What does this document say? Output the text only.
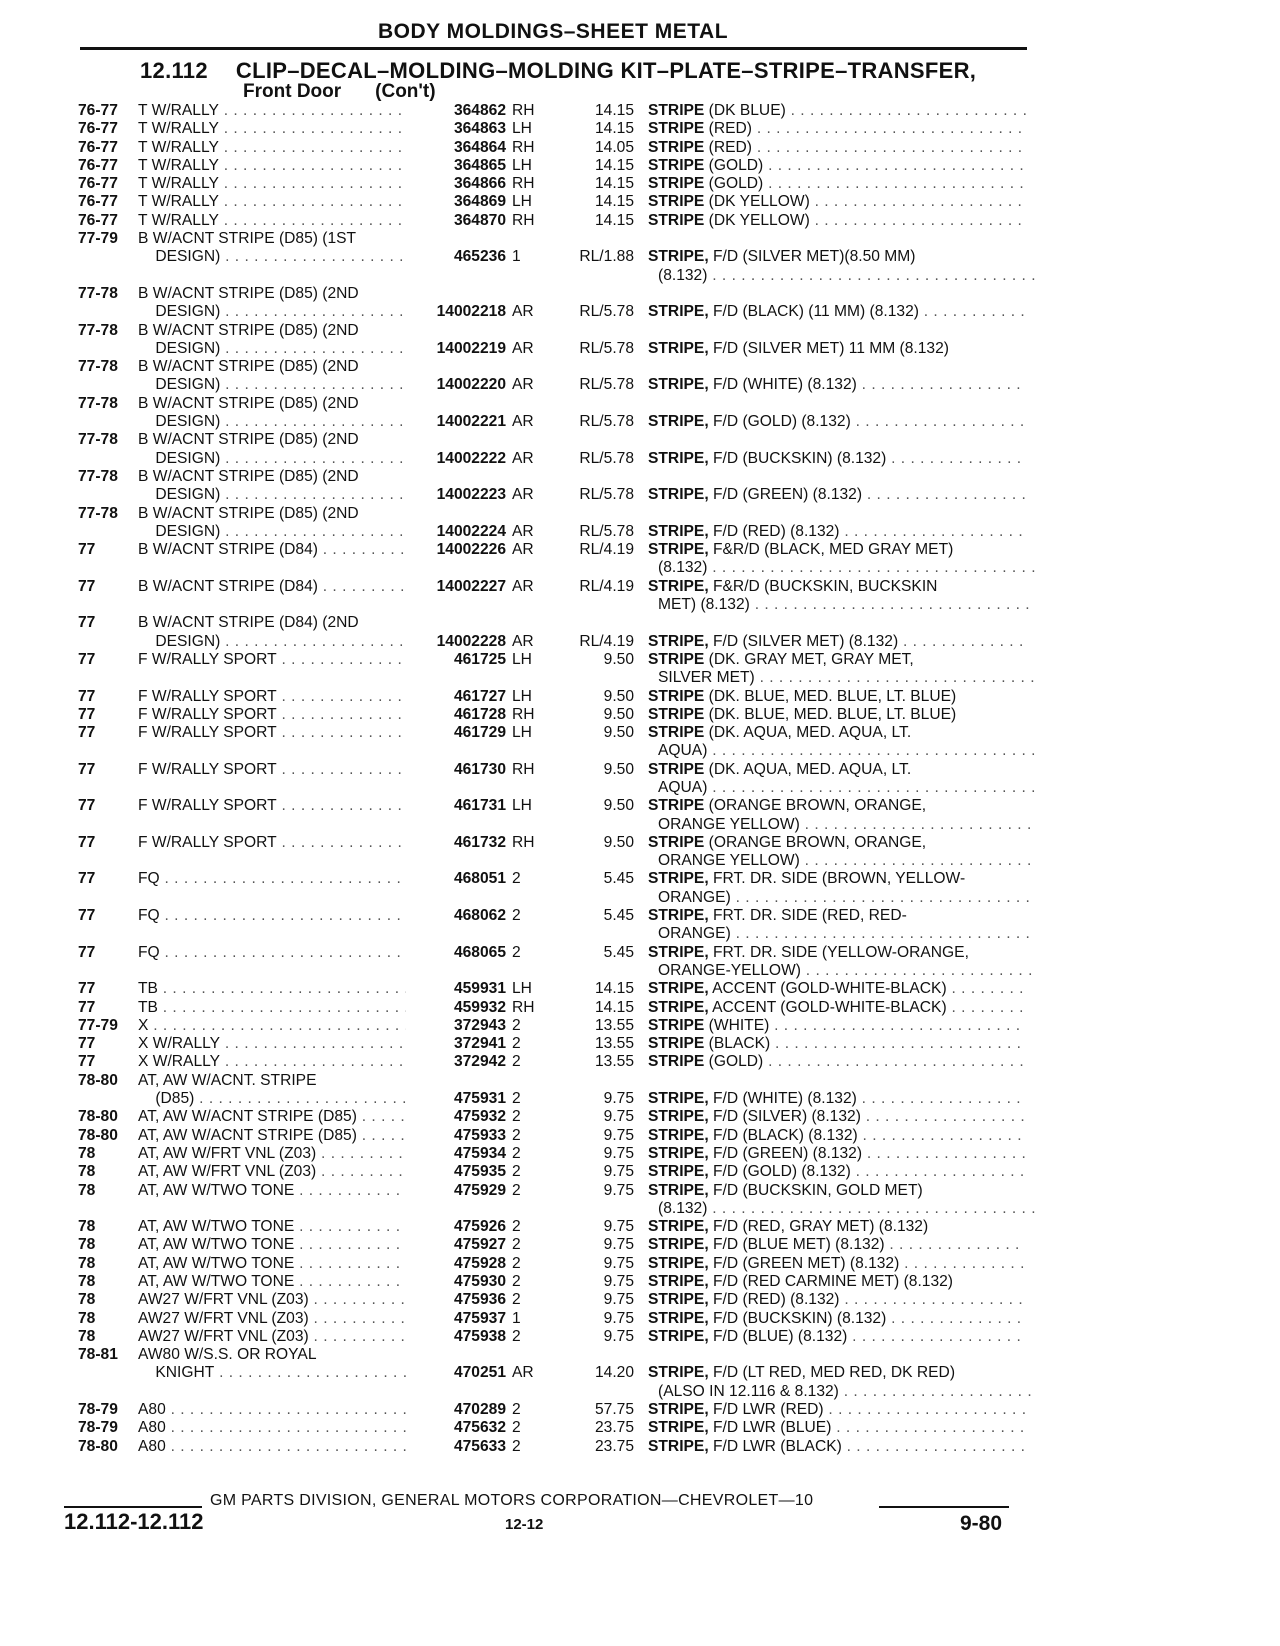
BODY MOLDINGS–SHEET METAL
12.112 CLIP–DECAL–MOLDING–MOLDING KIT–PLATE–STRIPE–TRANSFER,
Front Door (Con't)
76-77	T W/RALLY . . .	364862 RH	14.15 STRIPE (DK BLUE) . . .
76-77	T W/RALLY . . .	364863 LH	14.15 STRIPE (RED) . . .
76-77	T W/RALLY . . .	364864 RH	14.05 STRIPE (RED) . . .
76-77	T W/RALLY . . .	364865 LH	14.15 STRIPE (GOLD) . . .
76-77	T W/RALLY . . .	364866 RH	14.15 STRIPE (GOLD) . . .
76-77	T W/RALLY . . .	364869 LH	14.15 STRIPE (DK YELLOW) . . .
76-77	T W/RALLY . . .	364870 RH	14.15 STRIPE (DK YELLOW) . . .
77-79	B W/ACNT STRIPE (D85) (1ST
DESIGN) . . .	465236 1	RL/1.88 STRIPE, F/D (SILVER MET)(8.50 MM)
(8.132) . . .
77-78	B W/ACNT STRIPE (D85) (2ND
DESIGN) . . .	14002218 AR	RL/5.78 STRIPE, F/D (BLACK) (11 MM) (8.132) . . .
77-78	B W/ACNT STRIPE (D85) (2ND
DESIGN) . . .	14002219 AR	RL/5.78 STRIPE, F/D (SILVER MET) 11 MM (8.132)
77-78	B W/ACNT STRIPE (D85) (2ND
DESIGN) . . .	14002220 AR	RL/5.78 STRIPE, F/D (WHITE) (8.132) . . .
77-78	B W/ACNT STRIPE (D85) (2ND
DESIGN) . . .	14002221 AR	RL/5.78 STRIPE, F/D (GOLD) (8.132) . . .
77-78	B W/ACNT STRIPE (D85) (2ND
DESIGN) . . .	14002222 AR	RL/5.78 STRIPE, F/D (BUCKSKIN) (8.132) . . .
77-78	B W/ACNT STRIPE (D85) (2ND
DESIGN) . . .	14002223 AR	RL/5.78 STRIPE, F/D (GREEN) (8.132) . . .
77-78	B W/ACNT STRIPE (D85) (2ND
DESIGN) . . .	14002224 AR	RL/5.78 STRIPE, F/D (RED) (8.132) . . .
77	B W/ACNT STRIPE (D84) . . .	14002226 AR	RL/4.19 STRIPE, F&R/D (BLACK, MED GRAY MET)
(8.132) . . .
77	B W/ACNT STRIPE (D84) . . .	14002227 AR	RL/4.19 STRIPE, F&R/D (BUCKSKIN, BUCKSKIN
MET) (8.132) . . .
77	B W/ACNT STRIPE (D84) (2ND
DESIGN) . . .	14002228 AR	RL/4.19 STRIPE, F/D (SILVER MET) (8.132) . . .
77	F W/RALLY SPORT . . .	461725 LH	9.50 STRIPE (DK. GRAY MET, GRAY MET,
SILVER MET) . . .
77	F W/RALLY SPORT . . .	461727 LH	9.50 STRIPE (DK. BLUE, MED. BLUE, LT. BLUE)
77	F W/RALLY SPORT . . .	461728 RH	9.50 STRIPE (DK. BLUE, MED. BLUE, LT. BLUE)
77	F W/RALLY SPORT . . .	461729 LH	9.50 STRIPE (DK. AQUA, MED. AQUA, LT.
AQUA) . . .
77	F W/RALLY SPORT . . .	461730 RH	9.50 STRIPE (DK. AQUA, MED. AQUA, LT.
AQUA) . . .
77	F W/RALLY SPORT . . .	461731 LH	9.50 STRIPE (ORANGE BROWN, ORANGE,
ORANGE YELLOW) . . .
77	F W/RALLY SPORT . . .	461732 RH	9.50 STRIPE (ORANGE BROWN, ORANGE,
ORANGE YELLOW) . . .
77	FQ . . .	468051 2	5.45 STRIPE, FRT. DR. SIDE (BROWN, YELLOW-
ORANGE) . . .
77	FQ . . .	468062 2	5.45 STRIPE, FRT. DR. SIDE (RED, RED-
ORANGE) . . .
77	FQ . . .	468065 2	5.45 STRIPE, FRT. DR. SIDE (YELLOW-ORANGE,
ORANGE-YELLOW) . . .
77	TB . . .	459931 LH	14.15 STRIPE, ACCENT (GOLD-WHITE-BLACK) . . .
77	TB . . .	459932 RH	14.15 STRIPE, ACCENT (GOLD-WHITE-BLACK) . . .
77-79	X . . .	372943 2	13.55 STRIPE (WHITE) . . .
77	X W/RALLY . . .	372941 2	13.55 STRIPE (BLACK) . . .
77	X W/RALLY . . .	372942 2	13.55 STRIPE (GOLD) . . .
78-80	AT, AW W/ACNT. STRIPE
(D85) . . .	475931 2	9.75 STRIPE, F/D (WHITE) (8.132) . . .
78-80	AT, AW W/ACNT STRIPE (D85) . . .	475932 2	9.75 STRIPE, F/D (SILVER) (8.132) . . .
78-80	AT, AW W/ACNT STRIPE (D85) . . .	475933 2	9.75 STRIPE, F/D (BLACK) (8.132) . . .
78	AT, AW W/FRT VNL (Z03) . . .	475934 2	9.75 STRIPE, F/D (GREEN) (8.132) . . .
78	AT, AW W/FRT VNL (Z03) . . .	475935 2	9.75 STRIPE, F/D (GOLD) (8.132) . . .
78	AT, AW W/TWO TONE . . .	475929 2	9.75 STRIPE, F/D (BUCKSKIN, GOLD MET)
(8.132) . . .
78	AT, AW W/TWO TONE . . .	475926 2	9.75 STRIPE, F/D (RED, GRAY MET) (8.132)
78	AT, AW W/TWO TONE . . .	475927 2	9.75 STRIPE, F/D (BLUE MET) (8.132) . . .
78	AT, AW W/TWO TONE . . .	475928 2	9.75 STRIPE, F/D (GREEN MET) (8.132) . . .
78	AT, AW W/TWO TONE . . .	475930 2	9.75 STRIPE, F/D (RED CARMINE MET) (8.132)
78	AW27 W/FRT VNL (Z03) . . .	475936 2	9.75 STRIPE, F/D (RED) (8.132) . . .
78	AW27 W/FRT VNL (Z03) . . .	475937 1	9.75 STRIPE, F/D (BUCKSKIN) (8.132) . . .
78	AW27 W/FRT VNL (Z03) . . .	475938 2	9.75 STRIPE, F/D (BLUE) (8.132) . . .
78-81	AW80 W/S.S. OR ROYAL
KNIGHT . . .	470251 AR	14.20 STRIPE, F/D (LT RED, MED RED, DK RED)
(ALSO IN 12.116 & 8.132) . . .
78-79	A80 . . .	470289 2	57.75 STRIPE, F/D LWR (RED) . . .
78-79	A80 . . .	475632 2	23.75 STRIPE, F/D LWR (BLUE) . . .
78-80	A80 . . .	475633 2	23.75 STRIPE, F/D LWR (BLACK) . . .
GM PARTS DIVISION, GENERAL MOTORS CORPORATION—CHEVROLET—10
12.112-12.112	12-12	9-80
